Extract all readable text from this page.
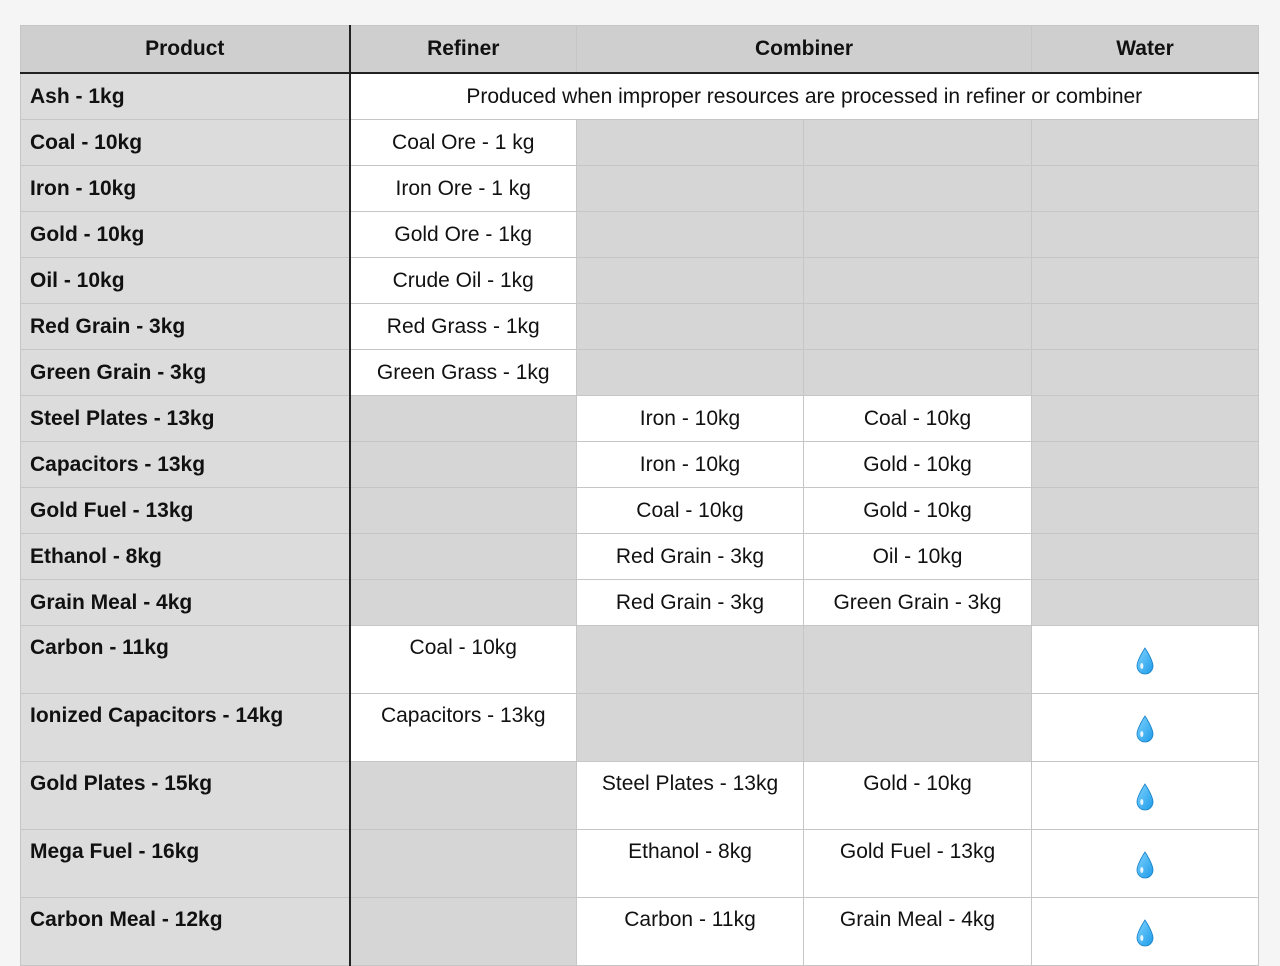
Product	Refiner	Combiner		Water
Ash - 1kg	Produced when improper resources are processed in refiner or combiner			
Coal - 10kg	Coal Ore - 1 kg			
Iron - 10kg	Iron Ore - 1 kg			
Gold - 10kg	Gold Ore - 1kg			
Oil - 10kg	Crude Oil - 1kg			
Red Grain - 3kg	Red Grass - 1kg			
Green Grain - 3kg	Green Grass - 1kg			
Steel Plates - 13kg		Iron - 10kg	Coal - 10kg	
Capacitors - 13kg		Iron - 10kg	Gold - 10kg	
Gold Fuel - 13kg		Coal - 10kg	Gold - 10kg	
Ethanol - 8kg		Red Grain - 3kg	Oil - 10kg	
Grain Meal - 4kg		Red Grain - 3kg	Green Grain - 3kg	
Carbon - 11kg	Coal - 10kg			
Ionized Capacitors - 14kg	Capacitors - 13kg			
Gold Plates - 15kg		Steel Plates - 13kg	Gold - 10kg	
Mega Fuel - 16kg		Ethanol - 8kg	Gold Fuel - 13kg	
Carbon Meal - 12kg		Carbon - 11kg	Grain Meal - 4kg	
